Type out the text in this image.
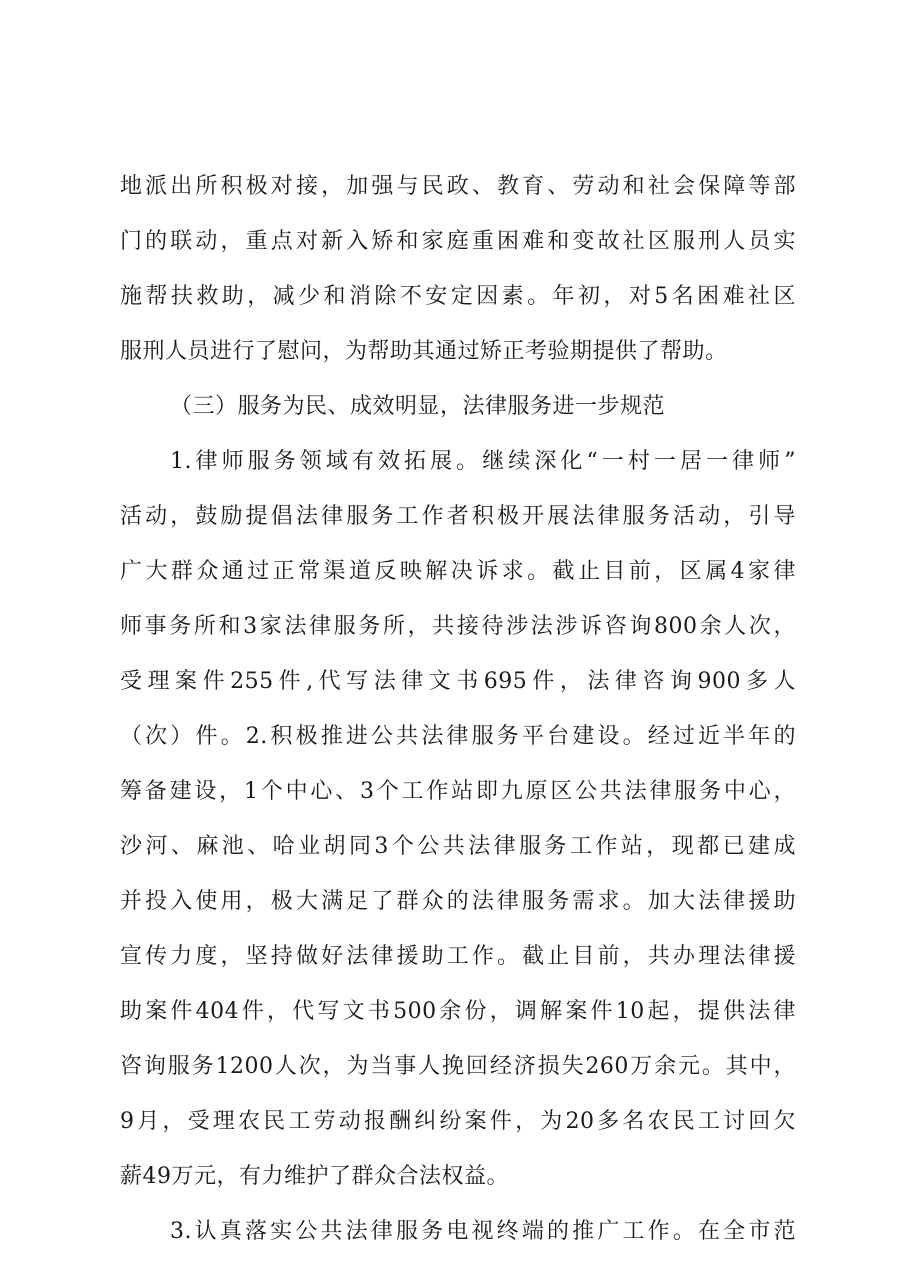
地派出所积极对接，加强与民政、教育、劳动和社会保障等部
门的联动，重点对新入矫和家庭重困难和变故社区服刑人员实
施帮扶救助，减少和消除不安定因素。年初，对5名困难社区
服刑人员进行了慰问，为帮助其通过矫正考验期提供了帮助。
（三）服务为民、成效明显，法律服务进一步规范
1.律师服务领域有效拓展。继续深化“一村一居一律师”
活动，鼓励提倡法律服务工作者积极开展法律服务活动，引导
广大群众通过正常渠道反映解决诉求。截止目前，区属4家律
师事务所和3家法律服务所，共接待涉法涉诉咨询800余人次，
受理案件255件,代写法律文书695件，法律咨询900多人
（次）件。2.积极推进公共法律服务平台建设。经过近半年的
筹备建设，1个中心、3个工作站即九原区公共法律服务中心，
沙河、麻池、哈业胡同3个公共法律服务工作站，现都已建成
并投入使用，极大满足了群众的法律服务需求。加大法律援助
宣传力度，坚持做好法律援助工作。截止目前，共办理法律援
助案件404件，代写文书500余份，调解案件10起，提供法律
咨询服务1200人次，为当事人挽回经济损失260万余元。其中，
9月，受理农民工劳动报酬纠纷案件，为20多名农民工讨回欠
薪49万元，有力维护了群众合法权益。
3.认真落实公共法律服务电视终端的推广工作。在全市范
